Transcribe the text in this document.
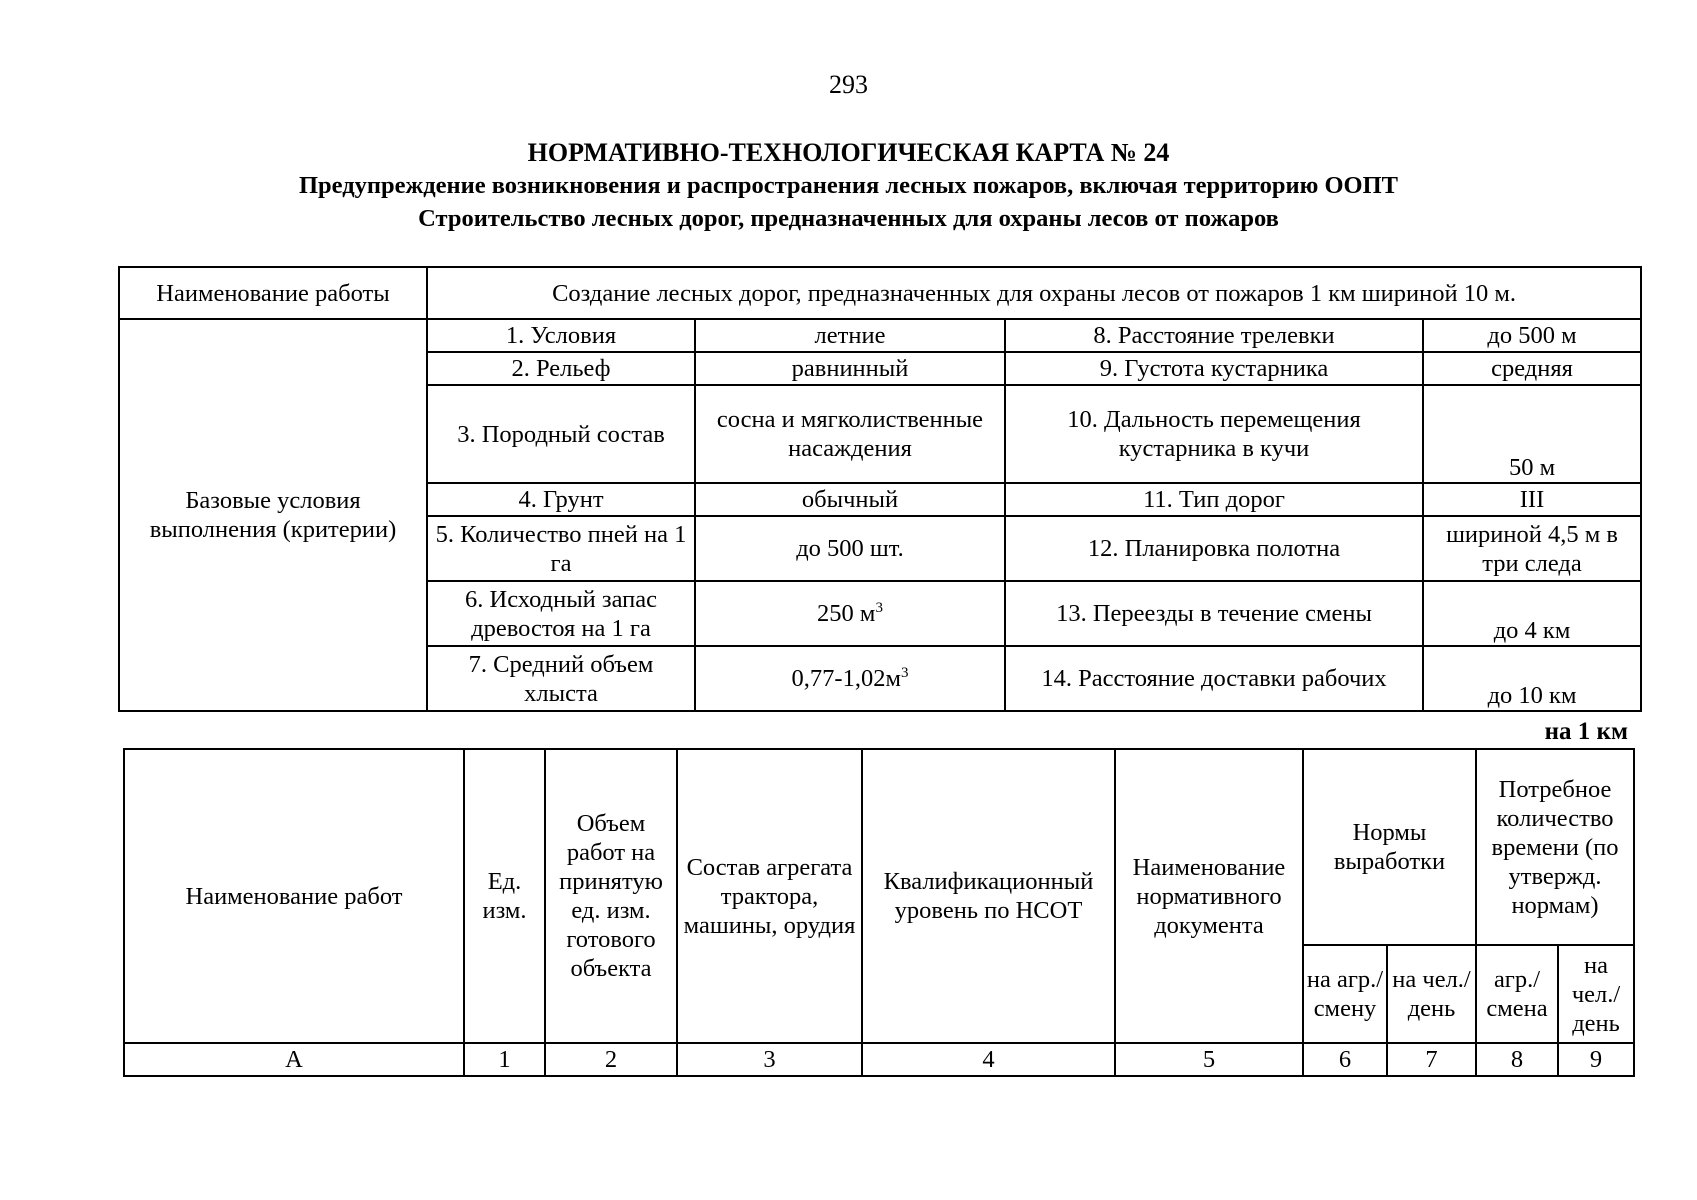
293
НОРМАТИВНО-ТЕХНОЛОГИЧЕСКАЯ КАРТА № 24
Предупреждение возникновения и распространения лесных пожаров, включая территорию ООПТ
Строительство лесных дорог, предназначенных для охраны лесов от пожаров
Наименование работы	Создание лесных дорог, предназначенных для охраны лесов от пожаров 1 км шириной 10 м.			
Базовые условия выполнения (критерии)	1. Условия	летние	8. Расстояние трелевки	до 500 м
	2. Рельеф	равнинный	9. Густота кустарника	средняя
	3. Породный состав	сосна и мягколиственные насаждения	10. Дальность перемещения кустарника в кучи	50 м
	4. Грунт	обычный	11. Тип дорог	III
	5. Количество пней на 1 га	до 500 шт.	12. Планировка полотна	шириной 4,5 м в три следа
	6. Исходный запас древостоя на 1 га	250 $м^3$	13. Переезды в течение смены	до 4 км
	7. Средний объем хлыста	$0,77-1,02м^3$	14. Расстояние доставки рабочих	до 10 км
на 1 км
Наименование работ	Ед. изм.	Объем работ на принятую ед. изм. готового объекта	Состав агрегата трактора, машины, орудия	Квалификационный уровень по НСОТ	Наименование нормативного документа	Нормы выработки		Потребное количество времени (по утвержд. нормам)	
						на агр./ смену	на чел./ день	агр./ смена	на чел./ день
А	1	2	3	4	5	6	7	8	9
